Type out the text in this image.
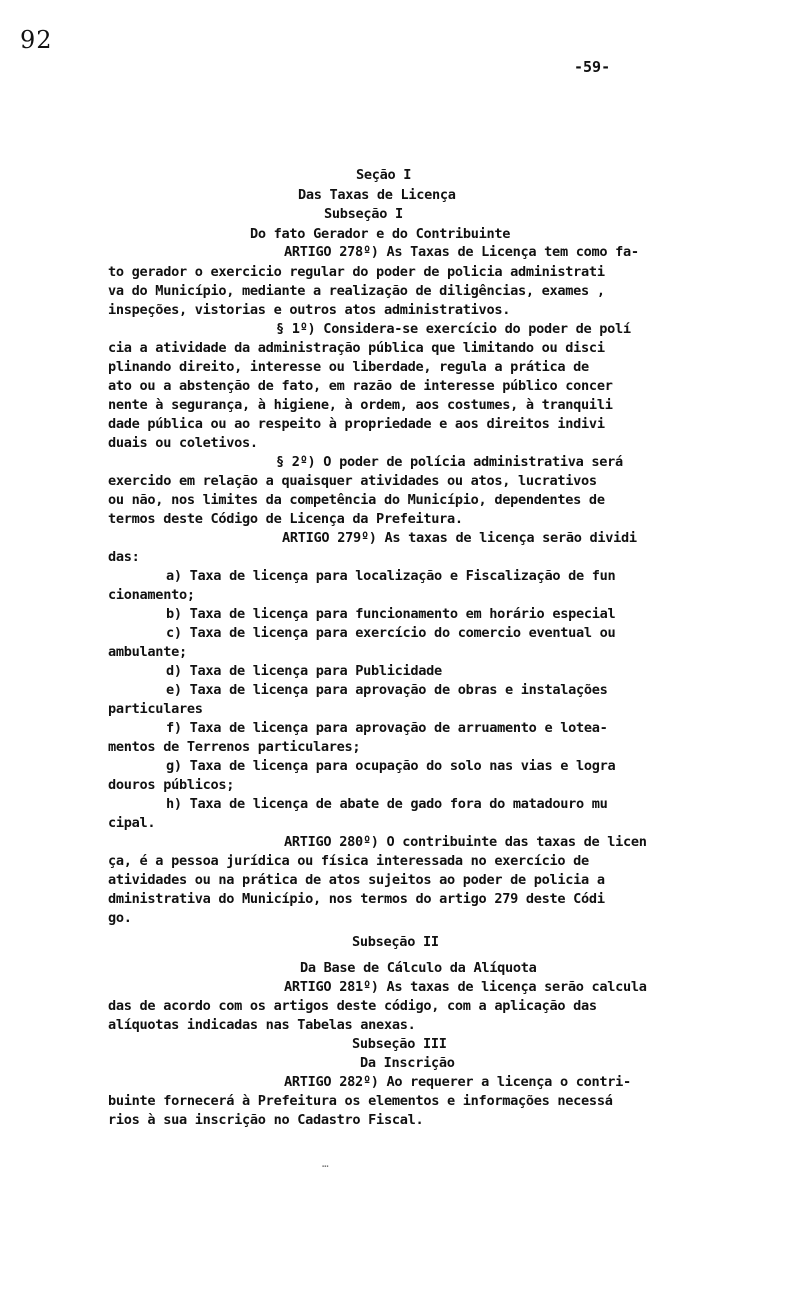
92
-59-
Seção I
Das Taxas de Licença
Subseção I
Do fato Gerador e do Contribuinte
ARTIGO 278º) As Taxas de Licença tem como fa-
to gerador o exercicio regular do poder de policia administrati
va do Município, mediante a realização de diligências, exames ,
inspeções, vistorias e outros atos administrativos.
§ 1º) Considera-se exercício do poder de polí
cia a atividade da administração pública que limitando ou disci
plinando direito, interesse ou liberdade, regula a prática de
ato ou a abstenção de fato, em razão de interesse público concer
nente à segurança, à higiene, à ordem, aos costumes, à tranquili
dade pública ou ao respeito à propriedade e aos direitos indivi
duais ou coletivos.
§ 2º) O poder de polícia administrativa será
exercido em relação a quaisquer atividades ou atos, lucrativos
ou não, nos limites da competência do Município, dependentes de
termos deste Código de Licença da Prefeitura.
ARTIGO 279º) As taxas de licença serão dividi
das:
a) Taxa de licença para localização e Fiscalização de fun
cionamento;
b) Taxa de licença para funcionamento em horário especial
c) Taxa de licença para exercício do comercio eventual ou
ambulante;
d) Taxa de licença para Publicidade
e) Taxa de licença para aprovação de obras e instalações
particulares
f) Taxa de licença para aprovação de arruamento e lotea-
mentos de Terrenos particulares;
g) Taxa de licença para ocupação do solo nas vias e logra
douros públicos;
h) Taxa de licença de abate de gado fora do matadouro mu
cipal.
ARTIGO 280º) O contribuinte das taxas de licen
ça, é a pessoa jurídica ou física interessada no exercício de
atividades ou na prática de atos sujeitos ao poder de policia a
dministrativa do Município, nos termos do artigo 279 deste Códi
go.
Subseção II
Da Base de Cálculo da Alíquota
ARTIGO 281º) As taxas de licença serão calcula
das de acordo com os artigos deste código, com a aplicação das
alíquotas indicadas nas Tabelas anexas.
Subseção III
Da Inscrição
ARTIGO 282º) Ao requerer a licença o contri-
buinte fornecerá à Prefeitura os elementos e informações necessá
rios à sua inscrição no Cadastro Fiscal.
…
